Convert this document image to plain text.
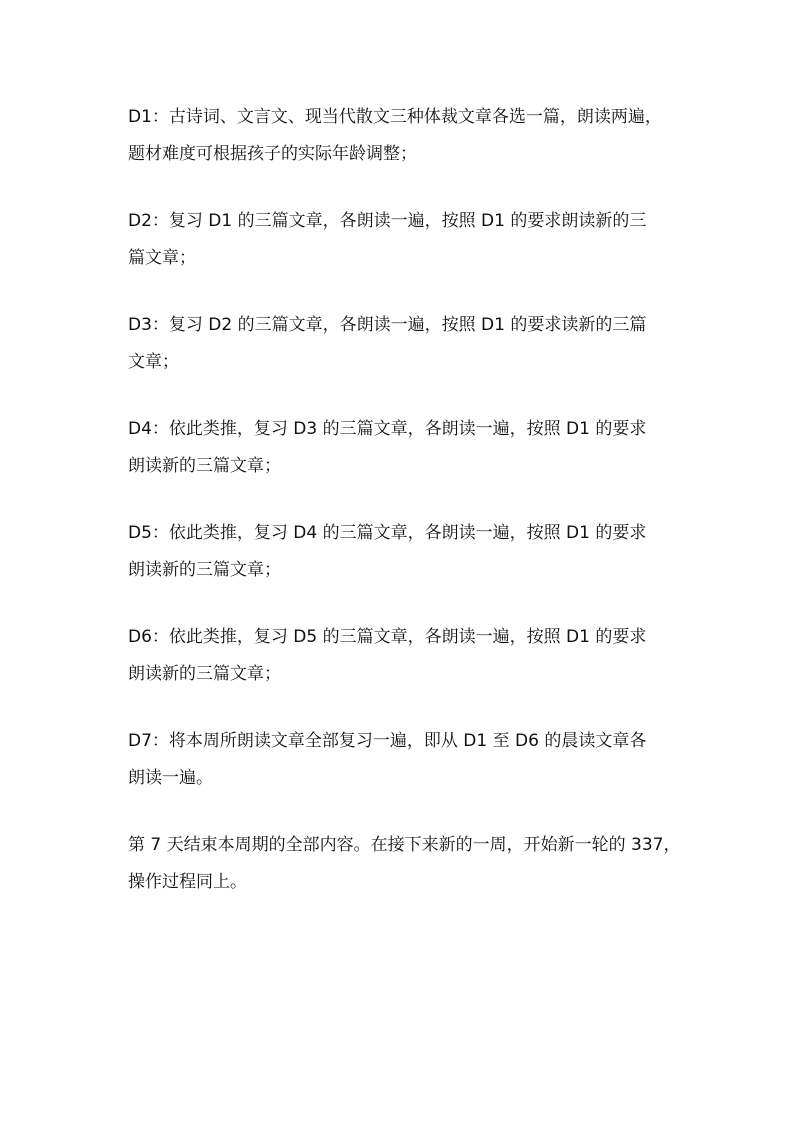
D1：古诗词、文言文、现当代散文三种体裁文章各选一篇，朗读两遍，
题材难度可根据孩子的实际年龄调整；

D2：复习 D1 的三篇文章，各朗读一遍，按照 D1 的要求朗读新的三
篇文章；

D3：复习 D2 的三篇文章，各朗读一遍，按照 D1 的要求读新的三篇
文章；

D4：依此类推，复习 D3 的三篇文章，各朗读一遍，按照 D1 的要求
朗读新的三篇文章；

D5：依此类推，复习 D4 的三篇文章，各朗读一遍，按照 D1 的要求
朗读新的三篇文章；

D6：依此类推，复习 D5 的三篇文章，各朗读一遍，按照 D1 的要求
朗读新的三篇文章；

D7：将本周所朗读文章全部复习一遍，即从 D1 至 D6 的晨读文章各
朗读一遍。

第 7 天结束本周期的全部内容。在接下来新的一周，开始新一轮的 337，
操作过程同上。
